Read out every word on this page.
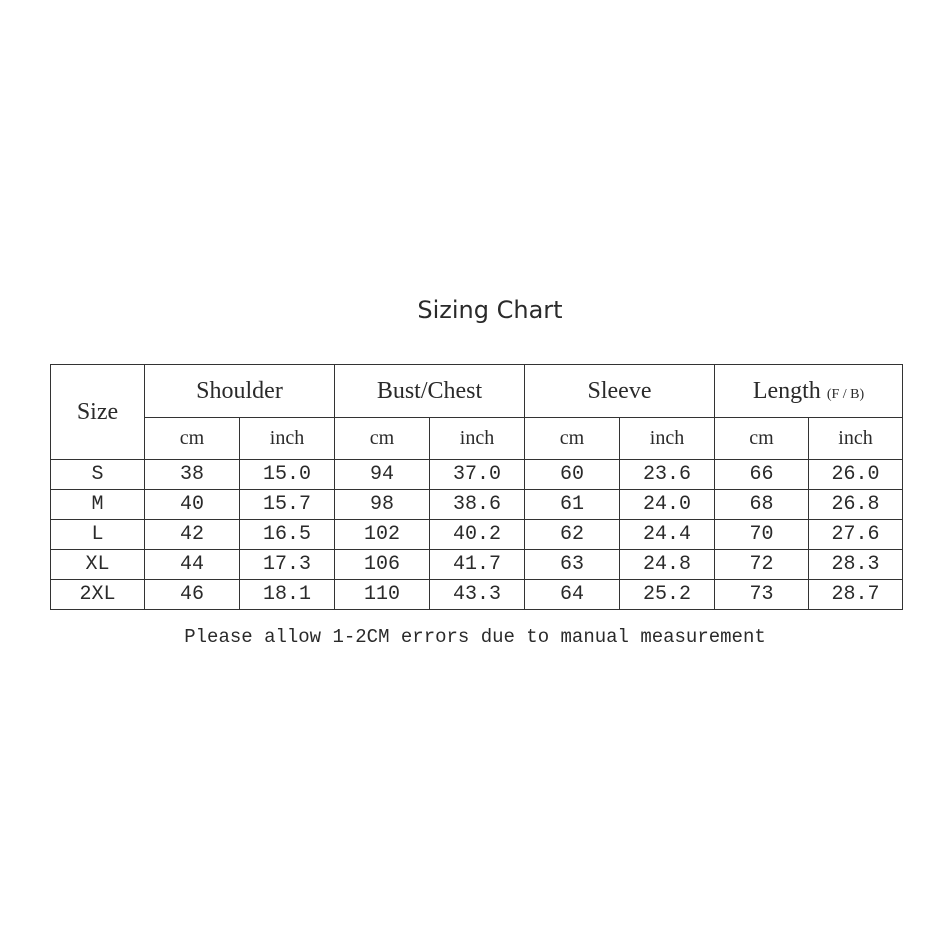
Sizing Chart
Size	Shoulder		Bust/Chest		Sleeve		Length (F / B)	
	cm	inch	cm	inch	cm	inch	cm	inch
S	38	15.0	94	37.0	60	23.6	66	26.0
M	40	15.7	98	38.6	61	24.0	68	26.8
L	42	16.5	102	40.2	62	24.4	70	27.6
XL	44	17.3	106	41.7	63	24.8	72	28.3
2XL	46	18.1	110	43.3	64	25.2	73	28.7
Please allow 1-2CM errors due to manual measurement
